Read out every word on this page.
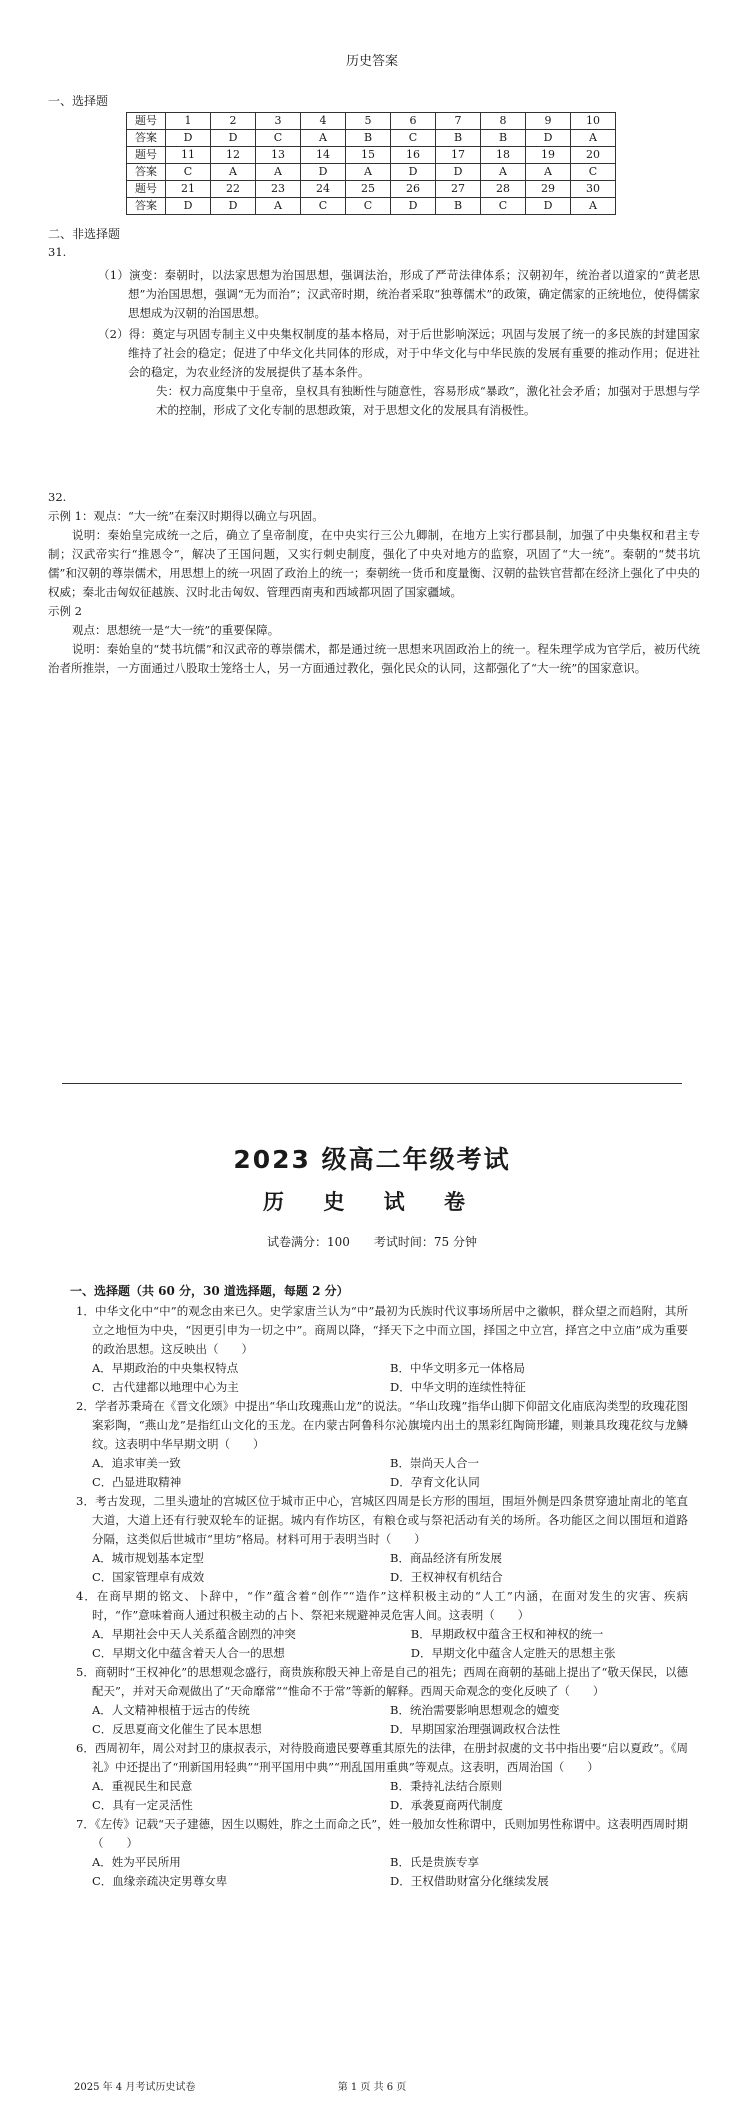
历史答案
一、选择题
题号	1	2	3	4	5	6	7	8	9	10
答案	D	D	C	A	B	C	B	B	D	A
题号	11	12	13	14	15	16	17	18	19	20
答案	C	A	A	D	A	D	D	A	A	C
题号	21	22	23	24	25	26	27	28	29	30
答案	D	D	A	C	C	D	B	C	D	A
二、非选择题
31.

（1）演变：秦朝时，以法家思想为治国思想，强调法治，形成了严苛法律体系；汉朝初年，统治者以道家的“黄老思想”为治国思想，强调“无为而治”；汉武帝时期，统治者采取“独尊儒术”的政策，确定儒家的正统地位，使得儒家思想成为汉朝的治国思想。

（2）得：奠定与巩固专制主义中央集权制度的基本格局，对于后世影响深远；巩固与发展了统一的多民族的封建国家维持了社会的稳定；促进了中华文化共同体的形成，对于中华文化与中华民族的发展有重要的推动作用；促进社会的稳定，为农业经济的发展提供了基本条件。

失：权力高度集中于皇帝，皇权具有独断性与随意性，容易形成“暴政”，激化社会矛盾；加强对于思想与学术的控制，形成了文化专制的思想政策，对于思想文化的发展具有消极性。

32.

示例 1：观点：“大一统”在秦汉时期得以确立与巩固。

说明：秦始皇完成统一之后，确立了皇帝制度，在中央实行三公九卿制，在地方上实行郡县制，加强了中央集权和君主专制；汉武帝实行“推恩令”，解决了王国问题，又实行刺史制度，强化了中央对地方的监察，巩固了“大一统”。秦朝的“焚书坑儒”和汉朝的尊崇儒术，用思想上的统一巩固了政治上的统一；秦朝统一货币和度量衡、汉朝的盐铁官营都在经济上强化了中央的权威；秦北击匈奴征越族、汉时北击匈奴、管理西南夷和西域都巩固了国家疆域。

示例 2

观点：思想统一是“大一统”的重要保障。

说明：秦始皇的“焚书坑儒”和汉武帝的尊崇儒术，都是通过统一思想来巩固政治上的统一。程朱理学成为官学后，被历代统治者所推崇，一方面通过八股取士笼络士人，另一方面通过教化，强化民众的认同，这都强化了“大一统”的国家意识。

2023 级高二年级考试
历 史 试 卷
试卷满分：100　　考试时间：75 分钟
一、选择题（共 60 分，30 道选择题，每题 2 分）

1．中华文化中“中”的观念由来已久。史学家唐兰认为“中”最初为氏族时代议事场所居中之徽帜，群众望之而趋附，其所立之地恒为中央，“因更引申为一切之中”。商周以降，“择天下之中而立国，择国之中立宫，择宫之中立庙”成为重要的政治思想。这反映出（　　）

A．早期政治的中央集权特点	B．中华文明多元一体格局
C．古代建都以地理中心为主	D．中华文明的连续性特征

2．学者苏秉琦在《晋文化颂》中提出“华山玫瑰燕山龙”的说法。“华山玫瑰”指华山脚下仰韶文化庙底沟类型的玫瑰花图案彩陶，“燕山龙”是指红山文化的玉龙。在内蒙古阿鲁科尔沁旗境内出土的黑彩红陶筒形罐，则兼具玫瑰花纹与龙鳞纹。这表明中华早期文明（　　）

A．追求审美一致	B．崇尚天人合一
C．凸显进取精神	D．孕育文化认同

3．考古发现，二里头遗址的宫城区位于城市正中心，宫城区四周是长方形的围垣，围垣外侧是四条贯穿遗址南北的笔直大道，大道上还有行驶双轮车的证据。城内有作坊区，有粮仓或与祭祀活动有关的场所。各功能区之间以围垣和道路分隔，这类似后世城市“里坊”格局。材料可用于表明当时（　　）

A．城市规划基本定型	B．商品经济有所发展
C．国家管理卓有成效	D．王权神权有机结合

4．在商早期的铭文、卜辞中，“作”蕴含着“创作”“造作”这样积极主动的“人工”内涵，在面对发生的灾害、疾病时，“作”意味着商人通过积极主动的占卜、祭祀来规避神灵危害人间。这表明（　　）

A．早期社会中天人关系蕴含剧烈的冲突	B．早期政权中蕴含王权和神权的统一
C．早期文化中蕴含着天人合一的思想	D．早期文化中蕴含人定胜天的思想主张

5．商朝时“王权神化”的思想观念盛行，商贵族称殷天神上帝是自己的祖先；西周在商朝的基础上提出了“敬天保民，以德配天”，并对天命观做出了“天命靡常”“惟命不于常”等新的解释。西周天命观念的变化反映了（　　）

A．人文精神根植于远古的传统	B．统治需要影响思想观念的嬗变
C．反思夏商文化催生了民本思想	D．早期国家治理强调政权合法性

6．西周初年，周公对封卫的康叔表示，对待股商遗民要尊重其原先的法律，在册封叔虞的文书中指出要“启以夏政”。《周礼》中还提出了“刑新国用轻典”“刑平国用中典”“刑乱国用重典”等观点。这表明，西周治国（　　）

A．重视民生和民意	B．秉持礼法结合原则
C．具有一定灵活性	D．承袭夏商两代制度

7．《左传》记载“天子建德，因生以赐姓，胙之土而命之氏”，姓一般加女性称谓中，氏则加男性称谓中。这表明西周时期（　　）

A．姓为平民所用	B．氏是贵族专享
C．血缘亲疏决定男尊女卑	D．王权借助财富分化继续发展
2025 年 4 月考试历史试卷	第 1 页 共 6 页
